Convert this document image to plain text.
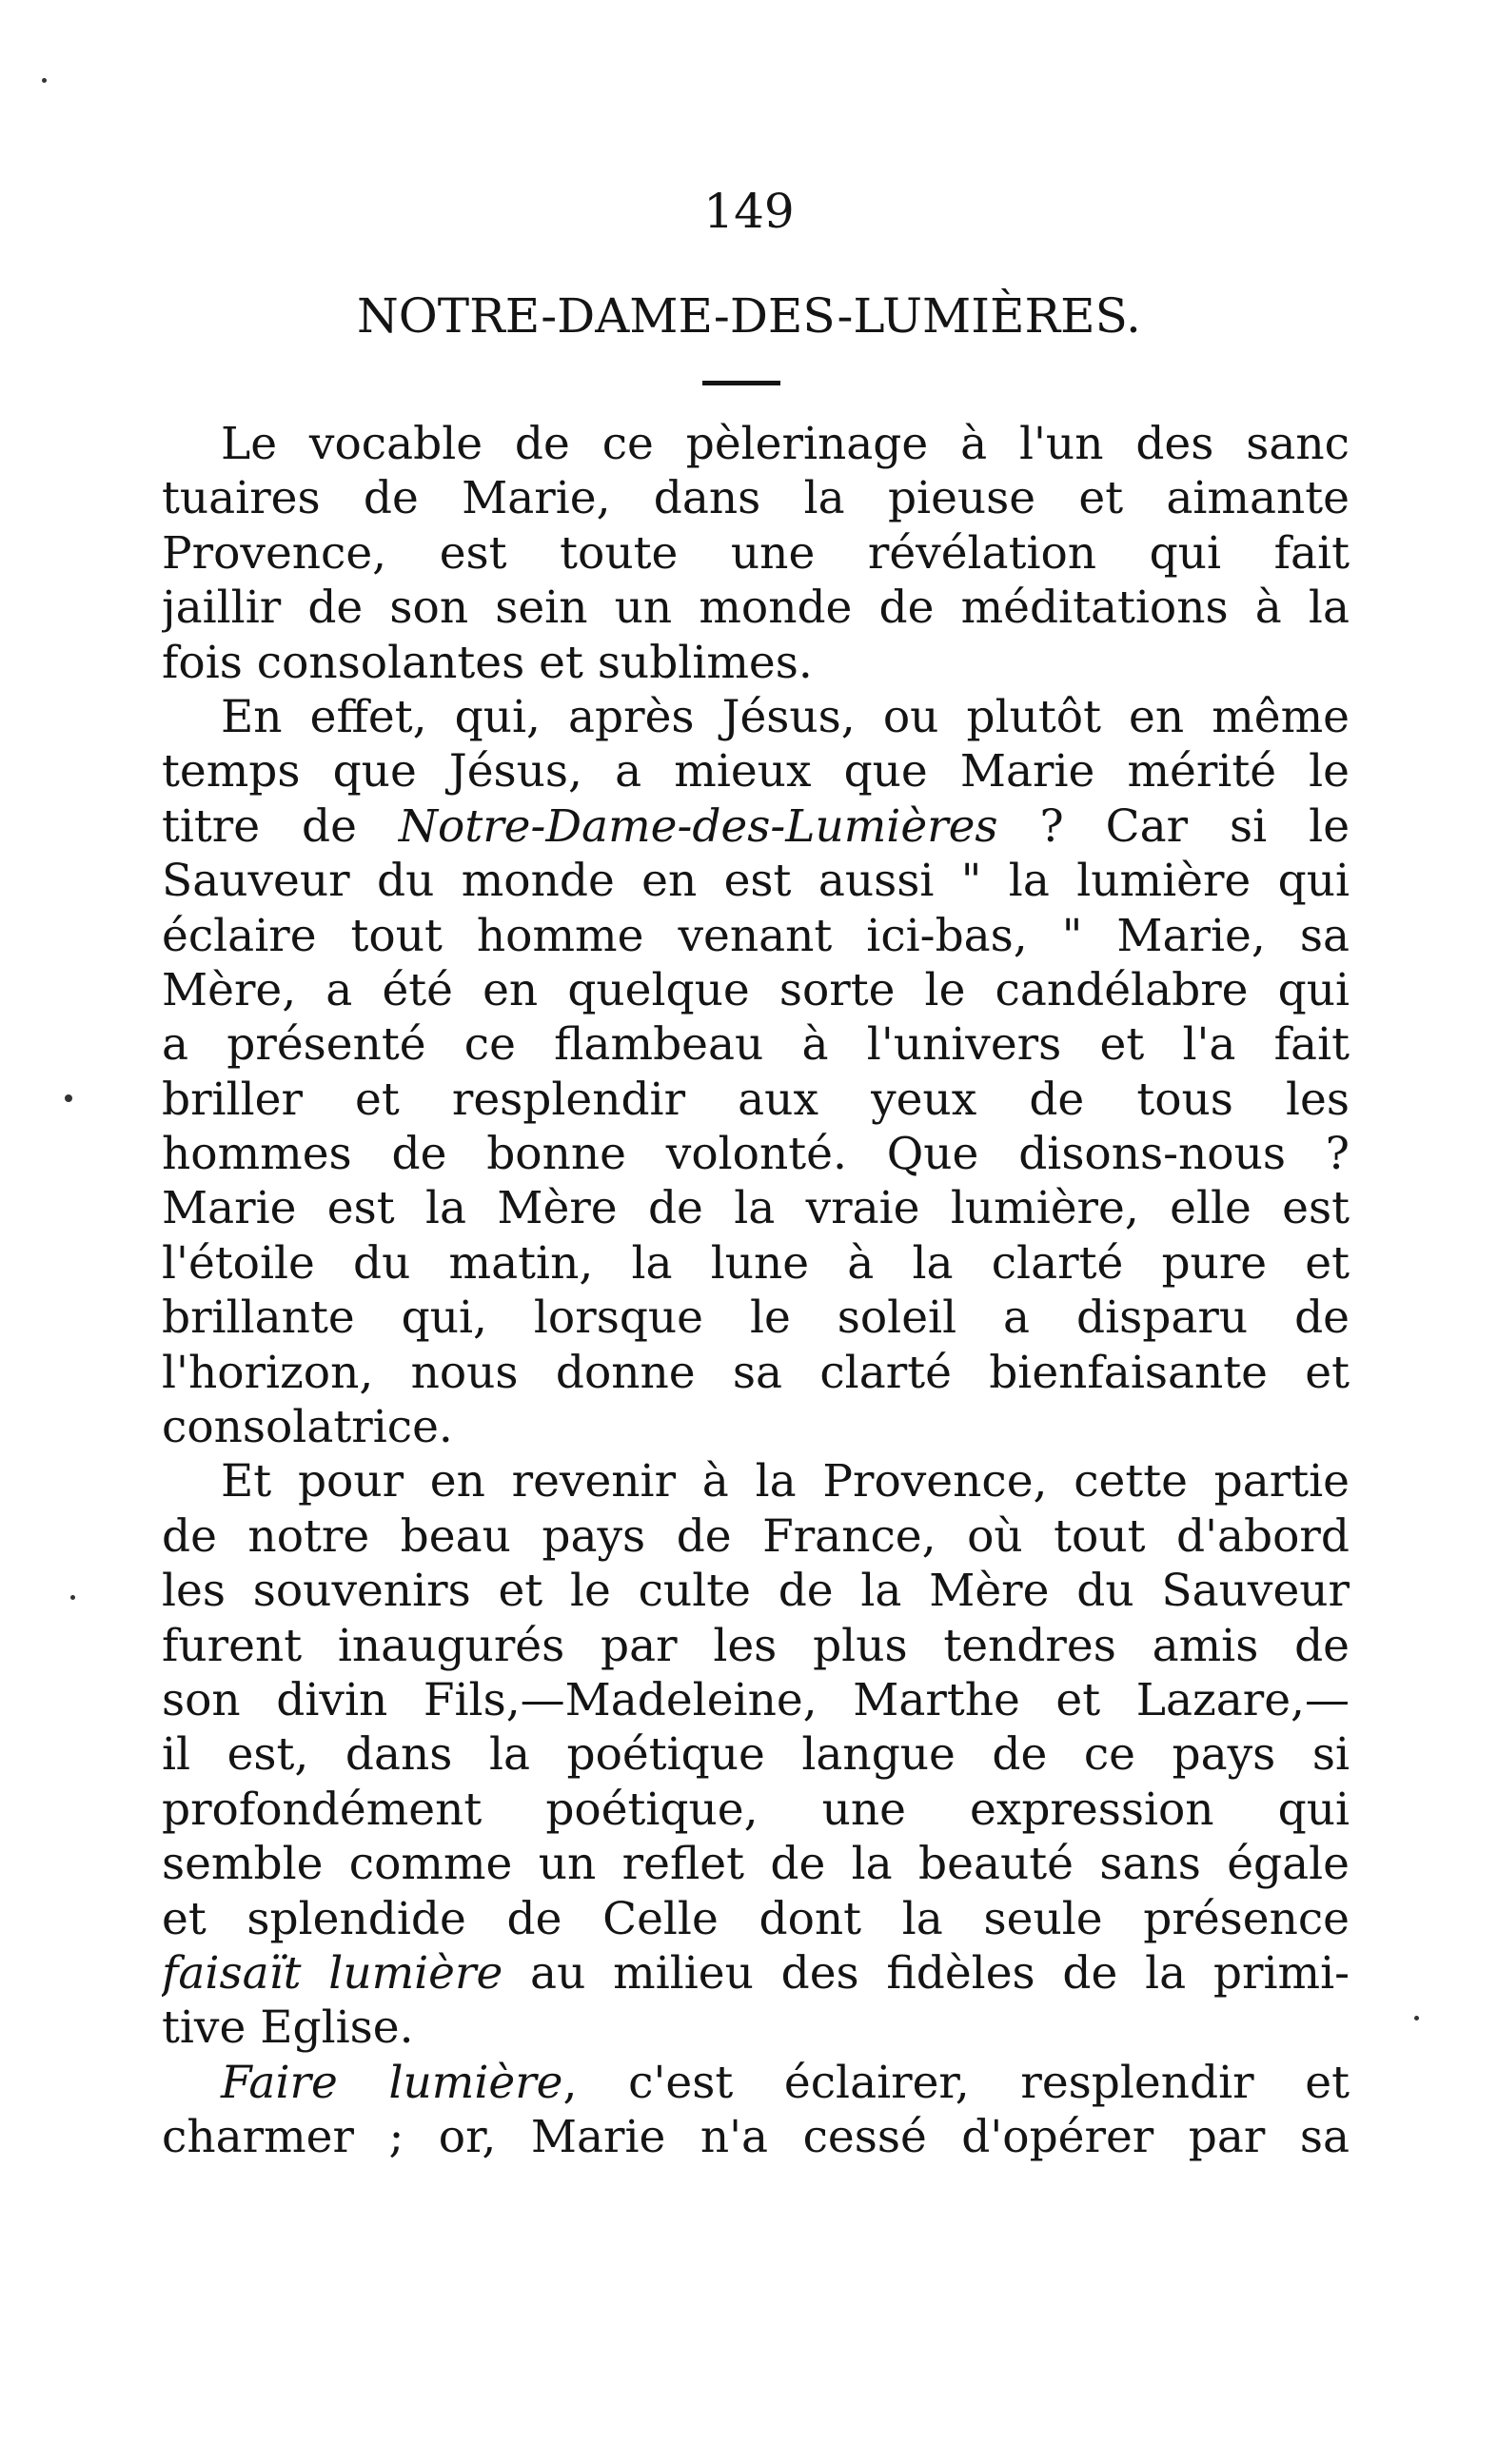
149
NOTRE-DAME-DES-LUMIÈRES.
Le vocable de ce pèlerinage à l'un des sanc
tuaires de Marie, dans la pieuse et aimante
Provence, est toute une révélation qui fait
jaillir de son sein un monde de méditations à la
fois consolantes et sublimes.
En effet, qui, après Jésus, ou plutôt en même
temps que Jésus, a mieux que Marie mérité le
titre de Notre-Dame-des-Lumières ? Car si le
Sauveur du monde en est aussi " la lumière qui
éclaire tout homme venant ici-bas, " Marie, sa
Mère, a été en quelque sorte le candélabre qui
a présenté ce flambeau à l'univers et l'a fait
briller et resplendir aux yeux de tous les
hommes de bonne volonté. Que disons-nous ?
Marie est la Mère de la vraie lumière, elle est
l'étoile du matin, la lune à la clarté pure et
brillante qui, lorsque le soleil a disparu de
l'horizon, nous donne sa clarté bienfaisante et
consolatrice.
Et pour en revenir à la Provence, cette partie
de notre beau pays de France, où tout d'abord
les souvenirs et le culte de la Mère du Sauveur
furent inaugurés par les plus tendres amis de
son divin Fils,—Madeleine, Marthe et Lazare,—
il est, dans la poétique langue de ce pays si
profondément poétique, une expression qui
semble comme un reflet de la beauté sans égale
et splendide de Celle dont la seule présence
faisaït lumière au milieu des fidèles de la primi-
tive Eglise.
Faire lumière, c'est éclairer, resplendir et
charmer ; or, Marie n'a cessé d'opérer par sa
